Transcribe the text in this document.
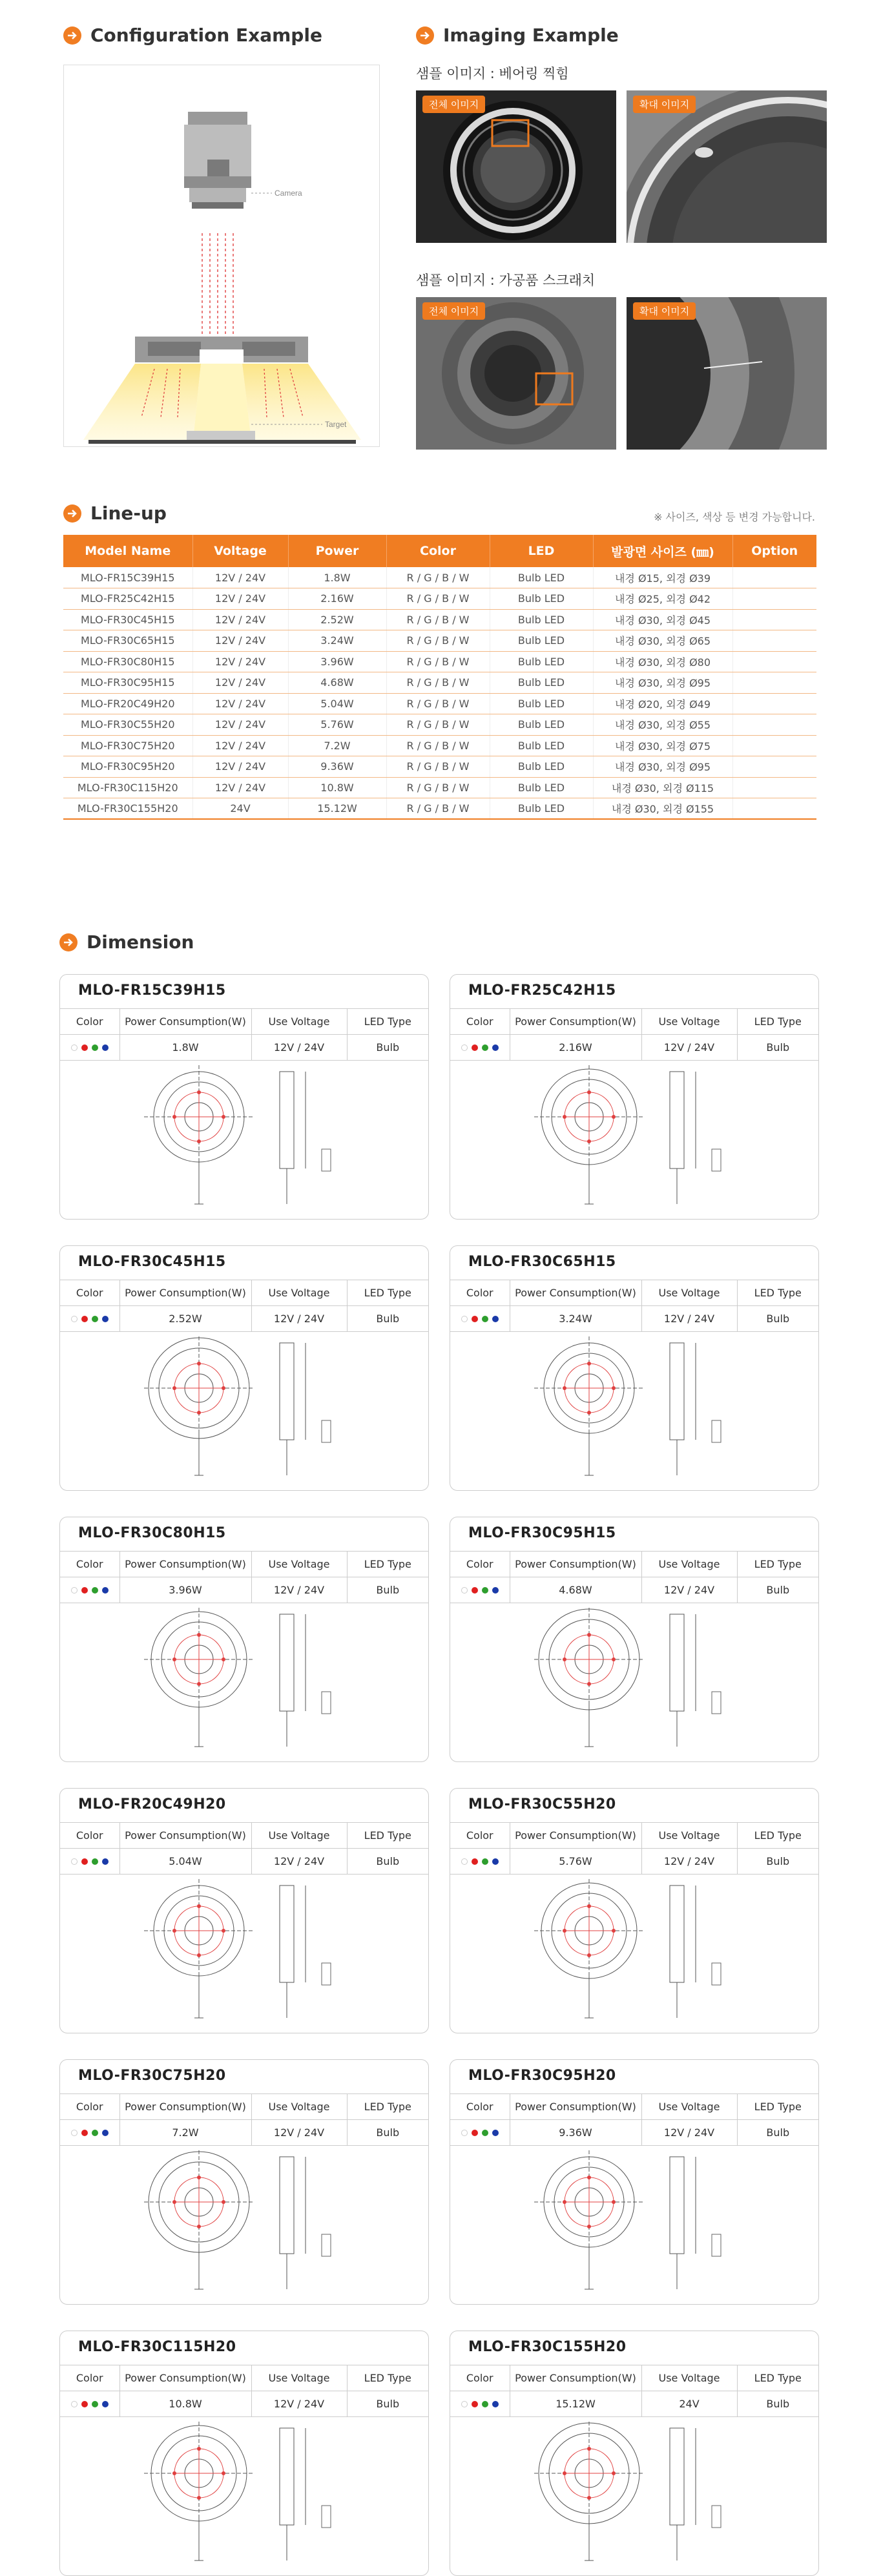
Configuration Example
Camera
Target
Imaging Example
샘플 이미지 : 베어링 찍힘
전체 이미지	확대 이미지
샘플 이미지 : 가공품 스크래치
전체 이미지	확대 이미지
Line-up	※ 사이즈, 색상 등 변경 가능합니다.
Model Name	Voltage	Power	Color	LED	발광면 사이즈 (㎜)	Option
MLO-FR15C39H15	12V / 24V	1.8W	R / G / B / W	Bulb LED	내경 Ø15, 외경 Ø39	
MLO-FR25C42H15	12V / 24V	2.16W	R / G / B / W	Bulb LED	내경 Ø25, 외경 Ø42	
MLO-FR30C45H15	12V / 24V	2.52W	R / G / B / W	Bulb LED	내경 Ø30, 외경 Ø45	
MLO-FR30C65H15	12V / 24V	3.24W	R / G / B / W	Bulb LED	내경 Ø30, 외경 Ø65	
MLO-FR30C80H15	12V / 24V	3.96W	R / G / B / W	Bulb LED	내경 Ø30, 외경 Ø80	
MLO-FR30C95H15	12V / 24V	4.68W	R / G / B / W	Bulb LED	내경 Ø30, 외경 Ø95	
MLO-FR20C49H20	12V / 24V	5.04W	R / G / B / W	Bulb LED	내경 Ø20, 외경 Ø49	
MLO-FR30C55H20	12V / 24V	5.76W	R / G / B / W	Bulb LED	내경 Ø30, 외경 Ø55	
MLO-FR30C75H20	12V / 24V	7.2W	R / G / B / W	Bulb LED	내경 Ø30, 외경 Ø75	
MLO-FR30C95H20	12V / 24V	9.36W	R / G / B / W	Bulb LED	내경 Ø30, 외경 Ø95	
MLO-FR30C115H20	12V / 24V	10.8W	R / G / B / W	Bulb LED	내경 Ø30, 외경 Ø115	
MLO-FR30C155H20	24V	15.12W	R / G / B / W	Bulb LED	내경 Ø30, 외경 Ø155	
Dimension
MLO-FR15C39H15
Color	Power Consumption(W)	Use Voltage	LED Type

	1.8W	12V / 24V	Bulb
MLO-FR25C42H15
Color	Power Consumption(W)	Use Voltage	LED Type

	2.16W	12V / 24V	Bulb
MLO-FR30C45H15
Color	Power Consumption(W)	Use Voltage	LED Type

	2.52W	12V / 24V	Bulb
MLO-FR30C65H15
Color	Power Consumption(W)	Use Voltage	LED Type

	3.24W	12V / 24V	Bulb
MLO-FR30C80H15
Color	Power Consumption(W)	Use Voltage	LED Type

	3.96W	12V / 24V	Bulb
MLO-FR30C95H15
Color	Power Consumption(W)	Use Voltage	LED Type

	4.68W	12V / 24V	Bulb
MLO-FR20C49H20
Color	Power Consumption(W)	Use Voltage	LED Type

	5.04W	12V / 24V	Bulb
MLO-FR30C55H20
Color	Power Consumption(W)	Use Voltage	LED Type

	5.76W	12V / 24V	Bulb
MLO-FR30C75H20
Color	Power Consumption(W)	Use Voltage	LED Type

	7.2W	12V / 24V	Bulb
MLO-FR30C95H20
Color	Power Consumption(W)	Use Voltage	LED Type

	9.36W	12V / 24V	Bulb
MLO-FR30C115H20
Color	Power Consumption(W)	Use Voltage	LED Type

	10.8W	12V / 24V	Bulb
MLO-FR30C155H20
Color	Power Consumption(W)	Use Voltage	LED Type

	15.12W	24V	Bulb
